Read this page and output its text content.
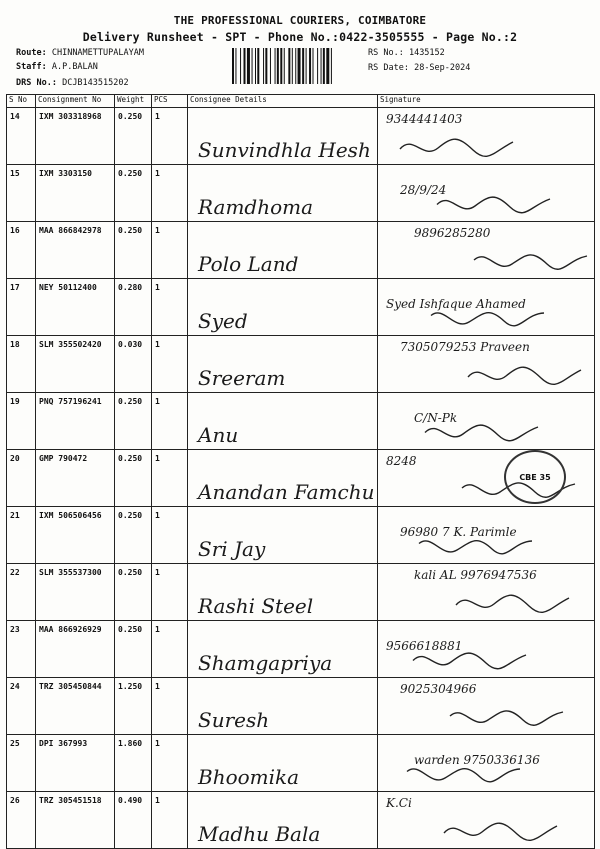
THE PROFESSIONAL COURIERS, COIMBATORE
Delivery Runsheet - SPT - Phone No.:0422-3505555 - Page No.:2
Route: CHINNAMETTUPALAYAM
Staff: A.P.BALAN
DRS No.: DCJB143515202
RS No.: 1435152
RS Date: 28-Sep-2024
S No	Consignment No	Weight	PCS	Consignee Details	Signature
14	IXM 303318968	0.250	1	Sunvindhla Hesh	9344441403

15	IXM 3303150	0.250	1	Ramdhoma	28/9/24

16	MAA 866842978	0.250	1	Polo Land	9896285280

17	NEY 50112400	0.280	1	Syed	Syed Ishfaque Ahamed

18	SLM 355502420	0.030	1	Sreeram	7305079253 Praveen

19	PNQ 757196241	0.250	1	Anu	C/N-Pk

20	GMP 790472	0.250	1	Anandan Famchu	8248
CBE 35

21	IXM 506506456	0.250	1	Sri Jay	96980 7 K. Parimle

22	SLM 355537300	0.250	1	Rashi Steel	kali AL 9976947536

23	MAA 866926929	0.250	1	Shamgapriya	9566618881

24	TRZ 305450844	1.250	1	Suresh	9025304966

25	DPI 367993	1.860	1	Bhoomika	warden 9750336136

26	TRZ 305451518	0.490	1	Madhu Bala	K.Ci
